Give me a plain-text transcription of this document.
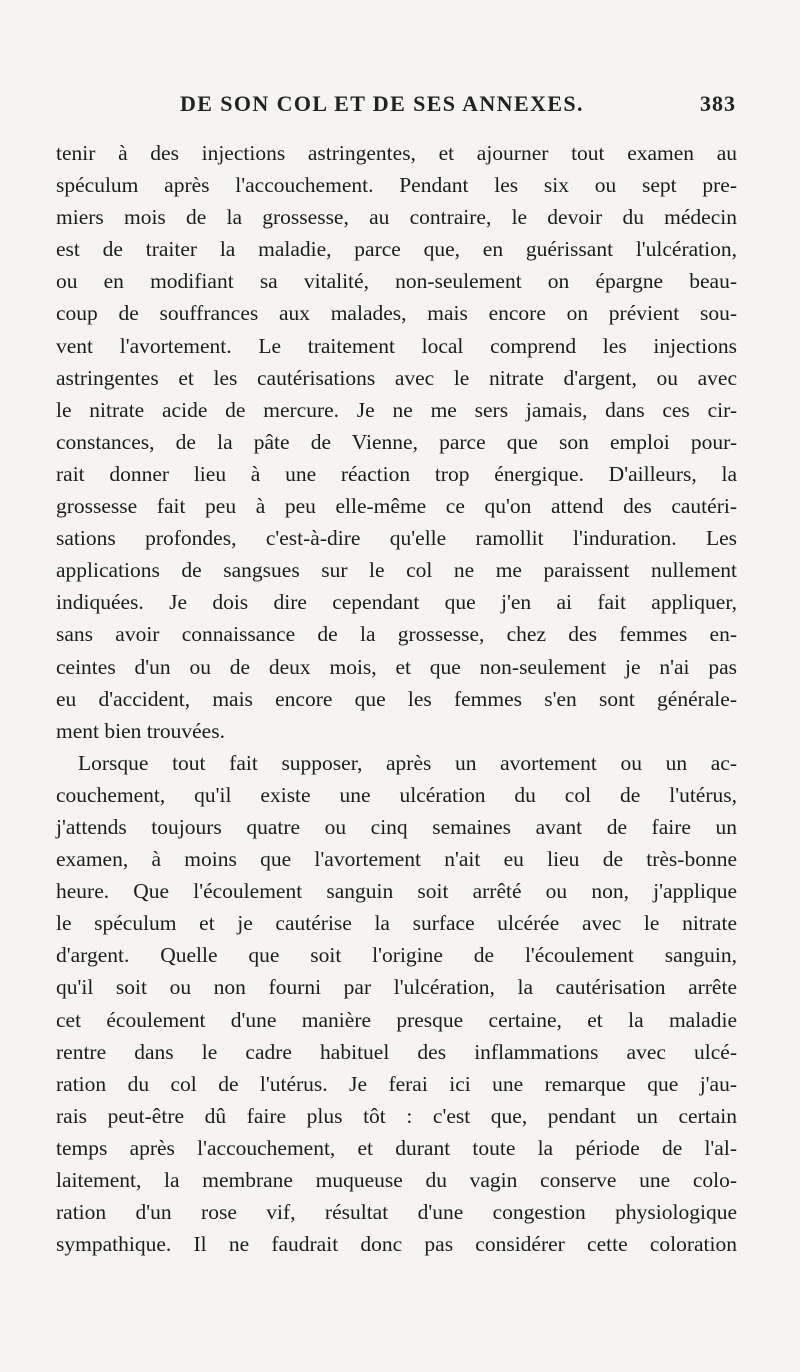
DE SON COL ET DE SES ANNEXES.	383
tenir à des injections astringentes, et ajourner tout examen au
spéculum après l'accouchement. Pendant les six ou sept pre-
miers mois de la grossesse, au contraire, le devoir du médecin
est de traiter la maladie, parce que, en guérissant l'ulcération,
ou en modifiant sa vitalité, non-seulement on épargne beau-
coup de souffrances aux malades, mais encore on prévient sou-
vent l'avortement. Le traitement local comprend les injections
astringentes et les cautérisations avec le nitrate d'argent, ou avec
le nitrate acide de mercure. Je ne me sers jamais, dans ces cir-
constances, de la pâte de Vienne, parce que son emploi pour-
rait donner lieu à une réaction trop énergique. D'ailleurs, la
grossesse fait peu à peu elle-même ce qu'on attend des cautéri-
sations profondes, c'est-à-dire qu'elle ramollit l'induration. Les
applications de sangsues sur le col ne me paraissent nullement
indiquées. Je dois dire cependant que j'en ai fait appliquer,
sans avoir connaissance de la grossesse, chez des femmes en-
ceintes d'un ou de deux mois, et que non-seulement je n'ai pas
eu d'accident, mais encore que les femmes s'en sont générale-
ment bien trouvées.
Lorsque tout fait supposer, après un avortement ou un ac-
couchement, qu'il existe une ulcération du col de l'utérus,
j'attends toujours quatre ou cinq semaines avant de faire un
examen, à moins que l'avortement n'ait eu lieu de très-bonne
heure. Que l'écoulement sanguin soit arrêté ou non, j'applique
le spéculum et je cautérise la surface ulcérée avec le nitrate
d'argent. Quelle que soit l'origine de l'écoulement sanguin,
qu'il soit ou non fourni par l'ulcération, la cautérisation arrête
cet écoulement d'une manière presque certaine, et la maladie
rentre dans le cadre habituel des inflammations avec ulcé-
ration du col de l'utérus. Je ferai ici une remarque que j'au-
rais peut-être dû faire plus tôt : c'est que, pendant un certain
temps après l'accouchement, et durant toute la période de l'al-
laitement, la membrane muqueuse du vagin conserve une colo-
ration d'un rose vif, résultat d'une congestion physiologique
sympathique. Il ne faudrait donc pas considérer cette coloration
